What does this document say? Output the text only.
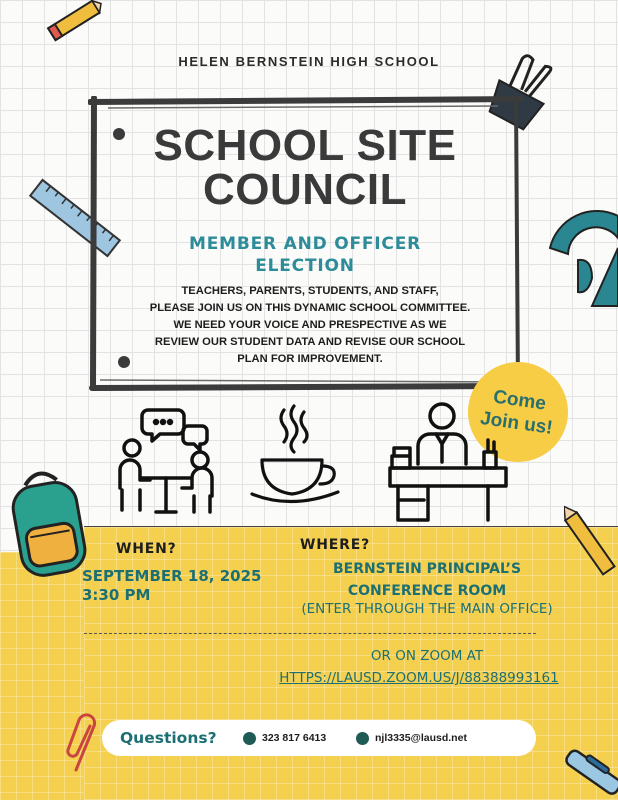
HELEN BERNSTEIN HIGH SCHOOL
SCHOOL SITE
COUNCIL
MEMBER AND OFFICER
ELECTION
TEACHERS, PARENTS, STUDENTS, AND STAFF,
PLEASE JOIN US ON THIS DYNAMIC SCHOOL COMMITTEE.
WE NEED YOUR VOICE AND PRESPECTIVE AS WE
REVIEW OUR STUDENT DATA AND REVISE OUR SCHOOL
PLAN FOR IMPROVEMENT.
Come
Join us!
WHEN?	WHERE?
SEPTEMBER 18, 2025
3:30 PM
BERNSTEIN PRINCIPAL’S
CONFERENCE ROOM
(ENTER THROUGH THE MAIN OFFICE)
OR ON ZOOM AT
HTTPS://LAUSD.ZOOM.US/J/88388993161
Questions?	323 817 6413	njl3335@lausd.net
